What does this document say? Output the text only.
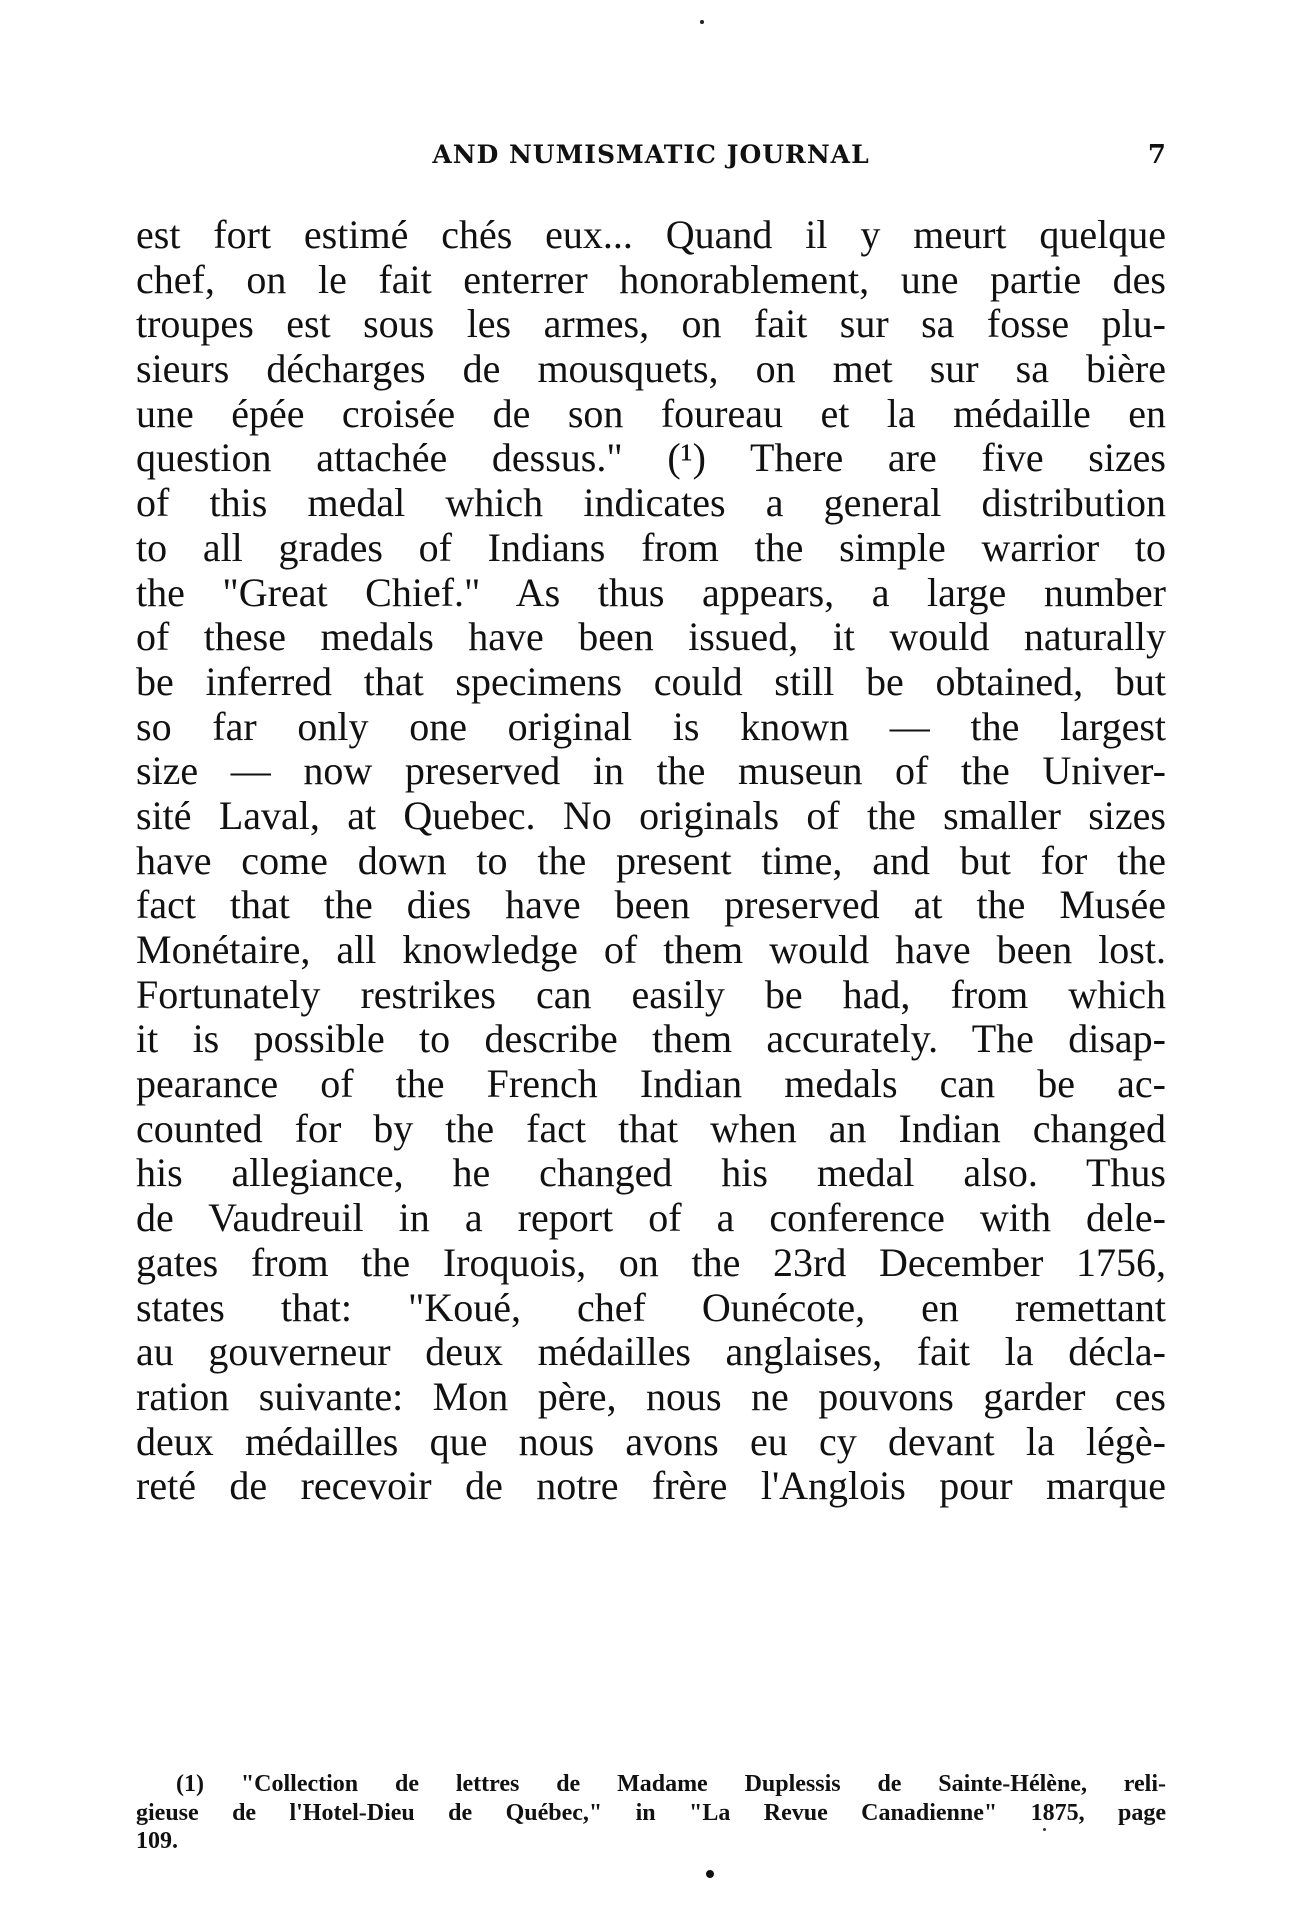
AND NUMISMATIC JOURNAL	7
est fort estimé chés eux... Quand il y meurt quelque
chef, on le fait enterrer honorablement, une partie des
troupes est sous les armes, on fait sur sa fosse plu-
sieurs décharges de mousquets, on met sur sa bière
une épée croisée de son foureau et la médaille en
question attachée dessus." (¹) There are five sizes
of this medal which indicates a general distribution
to all grades of Indians from the simple warrior to
the "Great Chief." As thus appears, a large number
of these medals have been issued, it would naturally
be inferred that specimens could still be obtained, but
so far only one original is known — the largest
size — now preserved in the museun of the Univer-
sité Laval, at Quebec. No originals of the smaller sizes
have come down to the present time, and but for the
fact that the dies have been preserved at the Musée
Monétaire, all knowledge of them would have been lost.
Fortunately restrikes can easily be had, from which
it is possible to describe them accurately. The disap-
pearance of the French Indian medals can be ac-
counted for by the fact that when an Indian changed
his allegiance, he changed his medal also. Thus
de Vaudreuil in a report of a conference with dele-
gates from the Iroquois, on the 23rd December 1756,
states that: "Koué, chef Ounécote, en remettant
au gouverneur deux médailles anglaises, fait la décla-
ration suivante: Mon père, nous ne pouvons garder ces
deux médailles que nous avons eu cy devant la légè-
reté de recevoir de notre frère l'Anglois pour marque
(1) "Collection de lettres de Madame Duplessis de Sainte-Hélène, reli-
gieuse de l'Hotel-Dieu de Québec," in "La Revue Canadienne" 1875, page
109.
